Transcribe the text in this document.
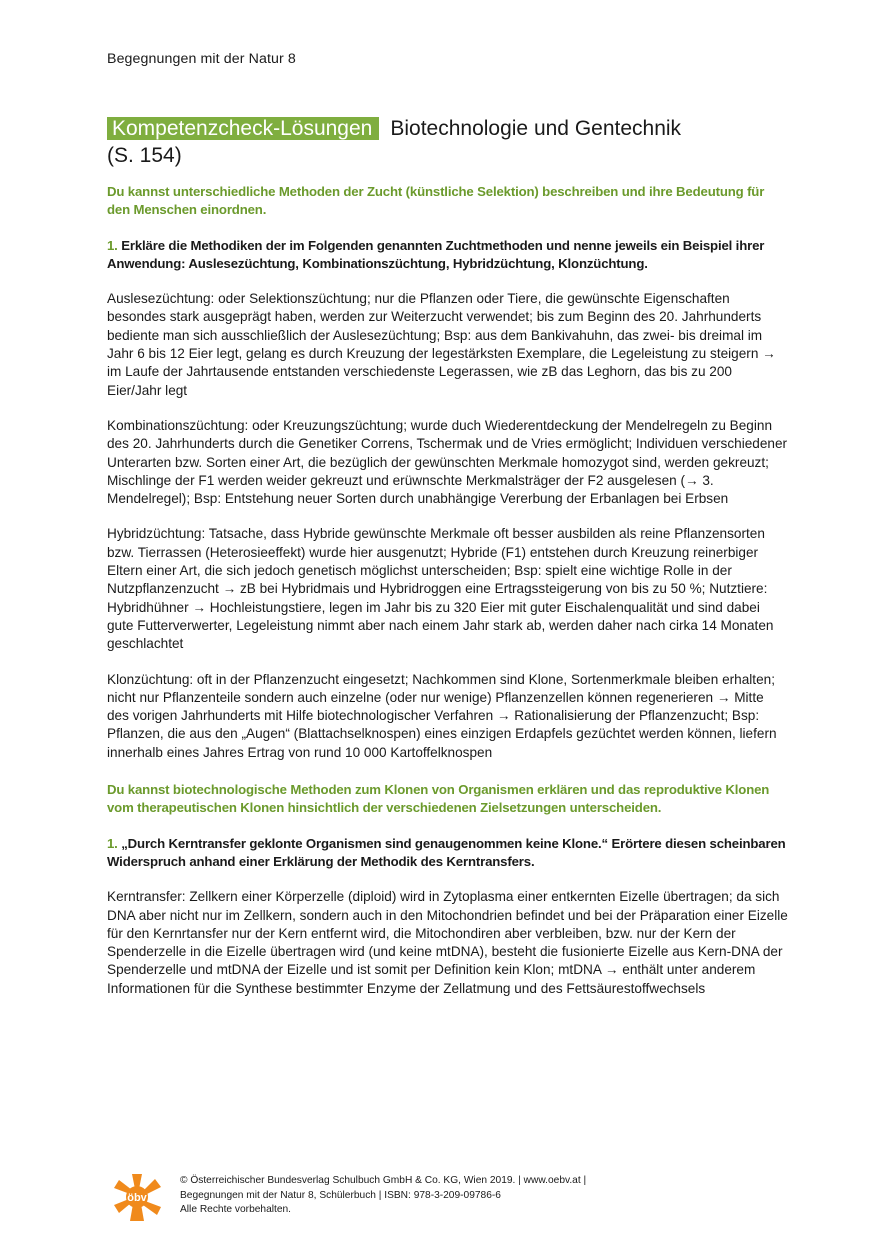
Begegnungen mit der Natur 8
Kompetenzcheck-Lösungen Biotechnologie und Gentechnik
(S. 154)

Du kannst unterschiedliche Methoden der Zucht (künstliche Selektion) beschreiben und ihre Bedeutung für den Menschen einordnen.

1. Erkläre die Methodiken der im Folgenden genannten Zuchtmethoden und nenne jeweils ein Beispiel ihrer Anwendung: Auslesezüchtung, Kombinationszüchtung, Hybridzüchtung, Klonzüchtung.

Auslesezüchtung: oder Selektionszüchtung; nur die Pflanzen oder Tiere, die gewünschte Eigenschaften besondes stark ausgeprägt haben, werden zur Weiterzucht verwendet; bis zum Beginn des 20. Jahrhunderts bediente man sich ausschließlich der Auslesezüchtung; Bsp: aus dem Bankivahuhn, das zwei- bis dreimal im Jahr 6 bis 12 Eier legt, gelang es durch Kreuzung der legestärksten Exemplare, die Legeleistung zu steigern → im Laufe der Jahrtausende entstanden verschiedenste Legerassen, wie zB das Leghorn, das bis zu 200 Eier/Jahr legt

Kombinationszüchtung: oder Kreuzungszüchtung; wurde duch Wiederentdeckung der Mendelregeln zu Beginn des 20. Jahrhunderts durch die Genetiker Correns, Tschermak und de Vries ermöglicht; Individuen verschiedener Unterarten bzw. Sorten einer Art, die bezüglich der gewünschten Merkmale homozygot sind, werden gekreuzt; Mischlinge der F1 werden weider gekreuzt und erüwnschte Merkmalsträger der F2 ausgelesen (→ 3. Mendelregel); Bsp: Entstehung neuer Sorten durch unabhängige Vererbung der Erbanlagen bei Erbsen

Hybridzüchtung: Tatsache, dass Hybride gewünschte Merkmale oft besser ausbilden als reine Pflanzensorten bzw. Tierrassen (Heterosieeffekt) wurde hier ausgenutzt; Hybride (F1) entstehen durch Kreuzung reinerbiger Eltern einer Art, die sich jedoch genetisch möglichst unterscheiden; Bsp: spielt eine wichtige Rolle in der Nutzpflanzenzucht → zB bei Hybridmais und Hybridroggen eine Ertragssteigerung von bis zu 50 %; Nutztiere: Hybridhühner → Hochleistungstiere, legen im Jahr bis zu 320 Eier mit guter Eischalenqualität und sind dabei gute Futterverwerter, Legeleistung nimmt aber nach einem Jahr stark ab, werden daher nach cirka 14 Monaten geschlachtet

Klonzüchtung: oft in der Pflanzenzucht eingesetzt; Nachkommen sind Klone, Sortenmerkmale bleiben erhalten; nicht nur Pflanzenteile sondern auch einzelne (oder nur wenige) Pflanzenzellen können regenerieren → Mitte des vorigen Jahrhunderts mit Hilfe biotechnologischer Verfahren → Rationalisierung der Pflanzenzucht; Bsp: Pflanzen, die aus den „Augen“ (Blattachselknospen) eines einzigen Erdapfels gezüchtet werden können, liefern innerhalb eines Jahres Ertrag von rund 10 000 Kartoffelknospen

Du kannst biotechnologische Methoden zum Klonen von Organismen erklären und das reproduktive Klonen vom therapeutischen Klonen hinsichtlich der verschiedenen Zielsetzungen unterscheiden.

1. „Durch Kerntransfer geklonte Organismen sind genaugenommen keine Klone.“ Erörtere diesen scheinbaren Widerspruch anhand einer Erklärung der Methodik des Kerntransfers.

Kerntransfer: Zellkern einer Körperzelle (diploid) wird in Zytoplasma einer entkernten Eizelle übertragen; da sich DNA aber nicht nur im Zellkern, sondern auch in den Mitochondrien befindet und bei der Präparation einer Eizelle für den Kernrtansfer nur der Kern entfernt wird, die Mitochondiren aber verbleiben, bzw. nur der Kern der Spenderzelle in die Eizelle übertragen wird (und keine mtDNA), besteht die fusionierte Eizelle aus Kern-DNA der Spenderzelle und mtDNA der Eizelle und ist somit per Definition kein Klon; mtDNA → enthält unter anderem Informationen für die Synthese bestimmter Enzyme der Zellatmung und des Fettsäurestoffwechsels

öbv
© Österreichischer Bundesverlag Schulbuch GmbH & Co. KG, Wien 2019. | www.oebv.at |
Begegnungen mit der Natur 8, Schülerbuch | ISBN: 978-3-209-09786-6
Alle Rechte vorbehalten.
